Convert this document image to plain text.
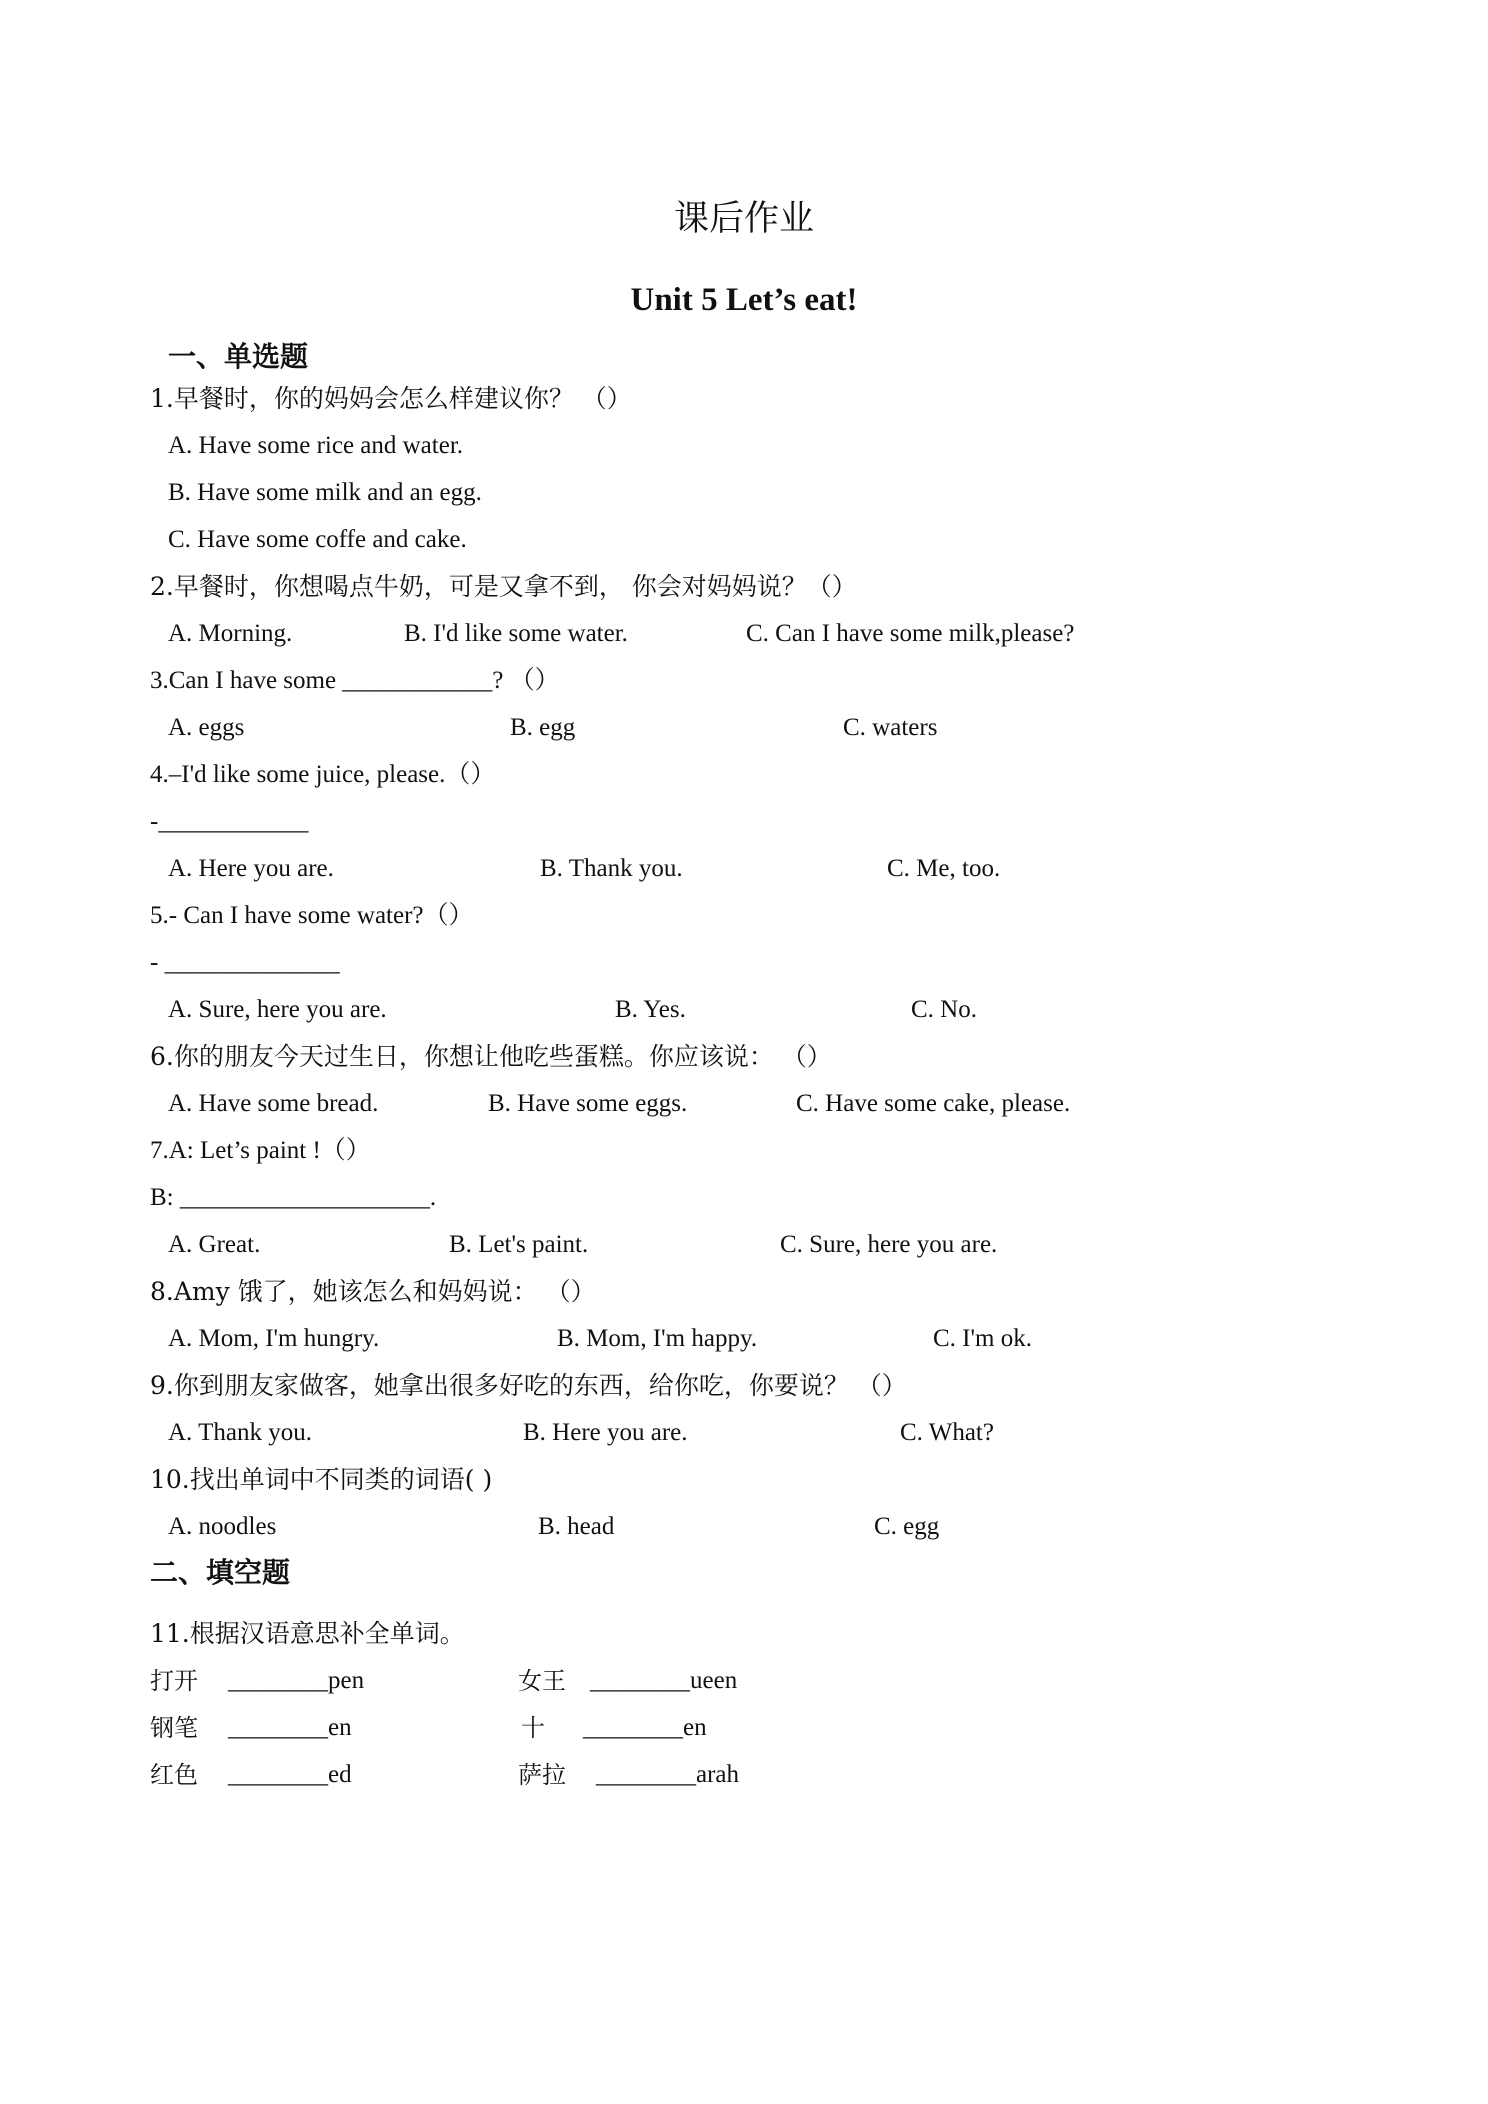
课后作业
Unit 5 Let’s eat!
一、单选题
1.早餐时，你的妈妈会怎么样建议你？ （）
A. Have some rice and water.
B. Have some milk and an egg.
C. Have some coffe and cake.
2.早餐时，你想喝点牛奶，可是又拿不到， 你会对妈妈说？（）
A. Morning.	B. I'd like some water.	C. Can I have some milk,please?
3.Can I have some ____________? （）
A. eggs	B. egg	C. waters
4.–I'd like some juice, please.（）
-____________
A. Here you are.	B. Thank you.	C. Me, too.
5.- Can I have some water?（）
- ______________
A. Sure, here you are.	B. Yes.	C. No.
6.你的朋友今天过生日，你想让他吃些蛋糕。你应该说： （）
A. Have some bread.	B. Have some eggs.	C. Have some cake, please.
7.A: Let’s paint !（）
B: ____________________.
A. Great.	B. Let's paint.	C. Sure, here you are.
8.Amy 饿了，她该怎么和妈妈说： （）
A. Mom, I'm hungry.	B. Mom, I'm happy.	C. I'm ok.
9.你到朋友家做客，她拿出很多好吃的东西，给你吃，你要说？ （）
A. Thank you.	B. Here you are.	C. What?
10.找出单词中不同类的词语( )
A. noodles	B. head	C. egg
二、填空题
11.根据汉语意思补全单词。
打开 ________pen	女王 ________ueen
钢笔 ________en	十 ________en
红色 ________ed	萨拉 ________arah
